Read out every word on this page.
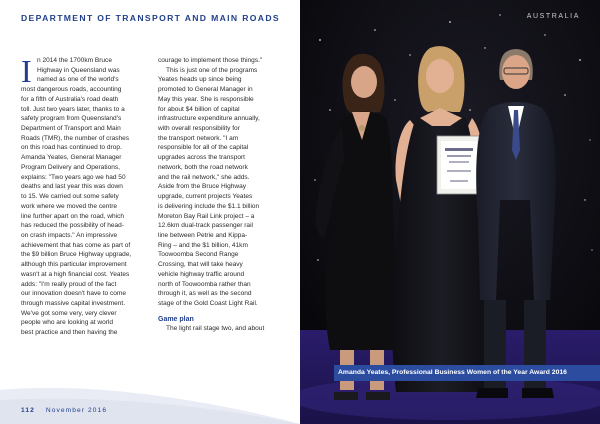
DEPARTMENT OF TRANSPORT AND MAIN ROADS
I n 2014 the 1700km Bruce
Highway in Queensland was
named as one of the world's
most dangerous roads, accounting
for a fifth of Australia's road death
toll. Just two years later, thanks to a
safety program from Queensland's
Department of Transport and Main
Roads (TMR), the number of crashes
on this road has continued to drop.
Amanda Yeates, General Manager
Program Delivery and Operations,
explains: "Two years ago we had 50
deaths and last year this was down
to 15. We carried out some safety
work where we moved the centre
line further apart on the road, which
has reduced the possibility of head-
on crash impacts." An impressive
achievement that has come as part of
the $9 billion Bruce Highway upgrade,
although this particular improvement
wasn't at a high financial cost. Yeates
adds: "I'm really proud of the fact
our innovation doesn't have to come
through massive capital investment.
We've got some very, very clever
people who are looking at world
best practice and then having the
courage to implement those things."
This is just one of the programs
Yeates heads up since being
promoted to General Manager in
May this year. She is responsible
for about $4 billion of capital
infrastructure expenditure annually,
with overall responsibility for
the transport network. "I am
responsible for all of the capital
upgrades across the transport
network, both the road network
and the rail network," she adds.
Aside from the Bruce Highway
upgrade, current projects Yeates
is delivering include the $1.1 billion
Moreton Bay Rail Link project – a
12.6km dual-track passenger rail
line between Petrie and Kippa-
Ring – and the $1 billion, 41km
Toowoomba Second Range
Crossing, that will take heavy
vehicle highway traffic around
north of Toowoomba rather than
through it, as well as the second
stage of the Gold Coast Light Rail.
Game plan
The light rail stage two, and about
112 November 2016
AUSTRALIA
Amanda Yeates, Professional Business Women of the Year Award 2016
